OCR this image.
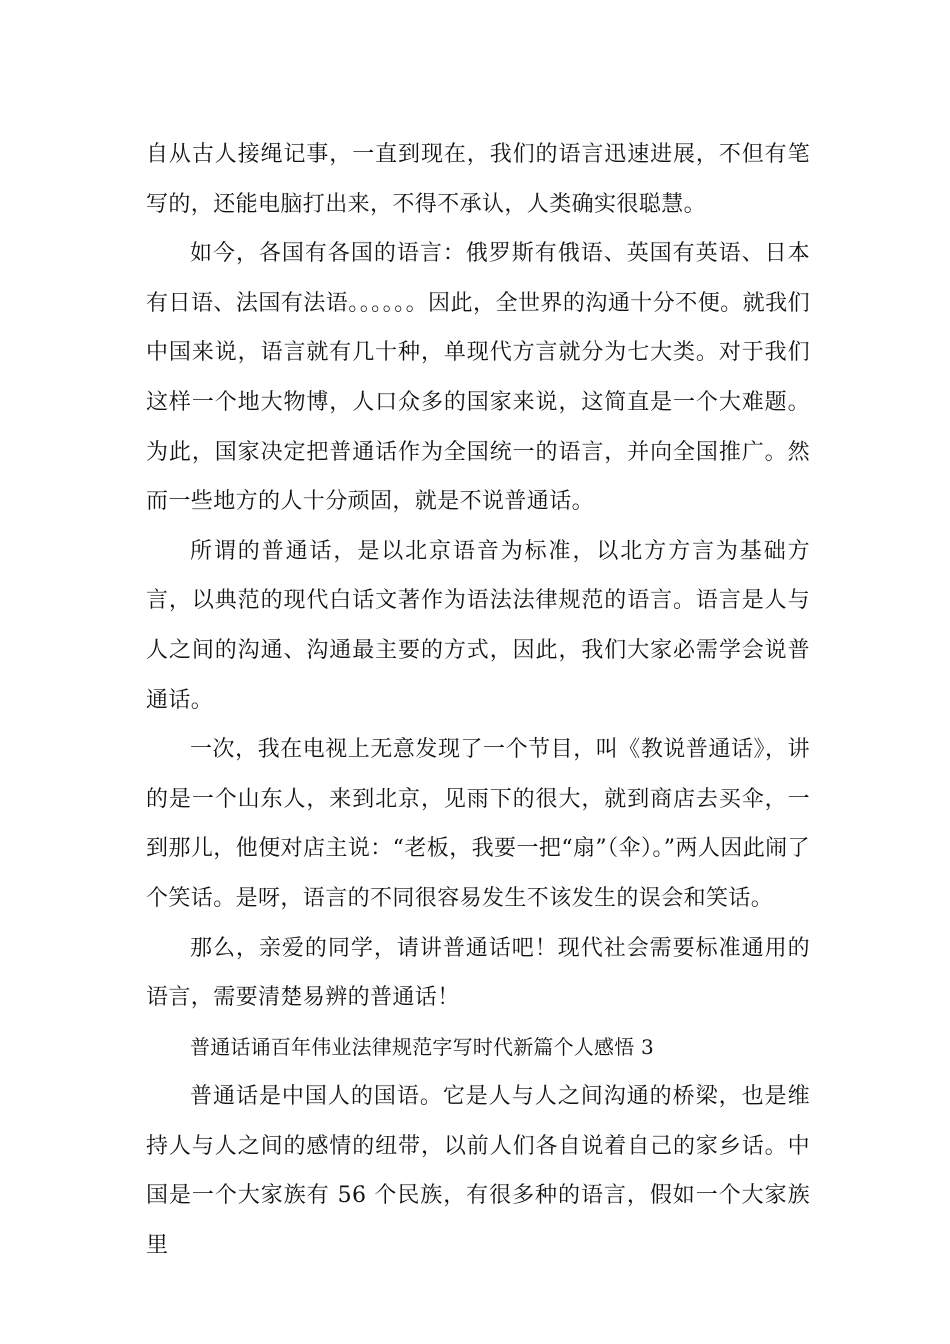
自从古人接绳记事，一直到现在，我们的语言迅速进展，不但有笔写的，还能电脑打出来，不得不承认，人类确实很聪慧。

如今，各国有各国的语言：俄罗斯有俄语、英国有英语、日本有日语、法国有法语。。。。。。因此，全世界的沟通十分不便。就我们中国来说，语言就有几十种，单现代方言就分为七大类。对于我们这样一个地大物博，人口众多的国家来说，这简直是一个大难题。为此，国家决定把普通话作为全国统一的语言，并向全国推广。然而一些地方的人十分顽固，就是不说普通话。

所谓的普通话，是以北京语音为标准，以北方方言为基础方言，以典范的现代白话文著作为语法法律规范的语言。语言是人与人之间的沟通、沟通最主要的方式，因此，我们大家必需学会说普通话。

一次，我在电视上无意发现了一个节目，叫《教说普通话》，讲的是一个山东人，来到北京，见雨下的很大，就到商店去买伞，一到那儿，他便对店主说：“老板，我要一把“扇”（伞）。”两人因此闹了个笑话。是呀，语言的不同很容易发生不该发生的误会和笑话。

那么，亲爱的同学，请讲普通话吧！现代社会需要标准通用的语言，需要清楚易辨的普通话！

普通话诵百年伟业法律规范字写时代新篇个人感悟 3

普通话是中国人的国语。它是人与人之间沟通的桥梁，也是维持人与人之间的感情的纽带，以前人们各自说着自己的家乡话。中国是一个大家族有 56 个民族，有很多种的语言，假如一个大家族里
